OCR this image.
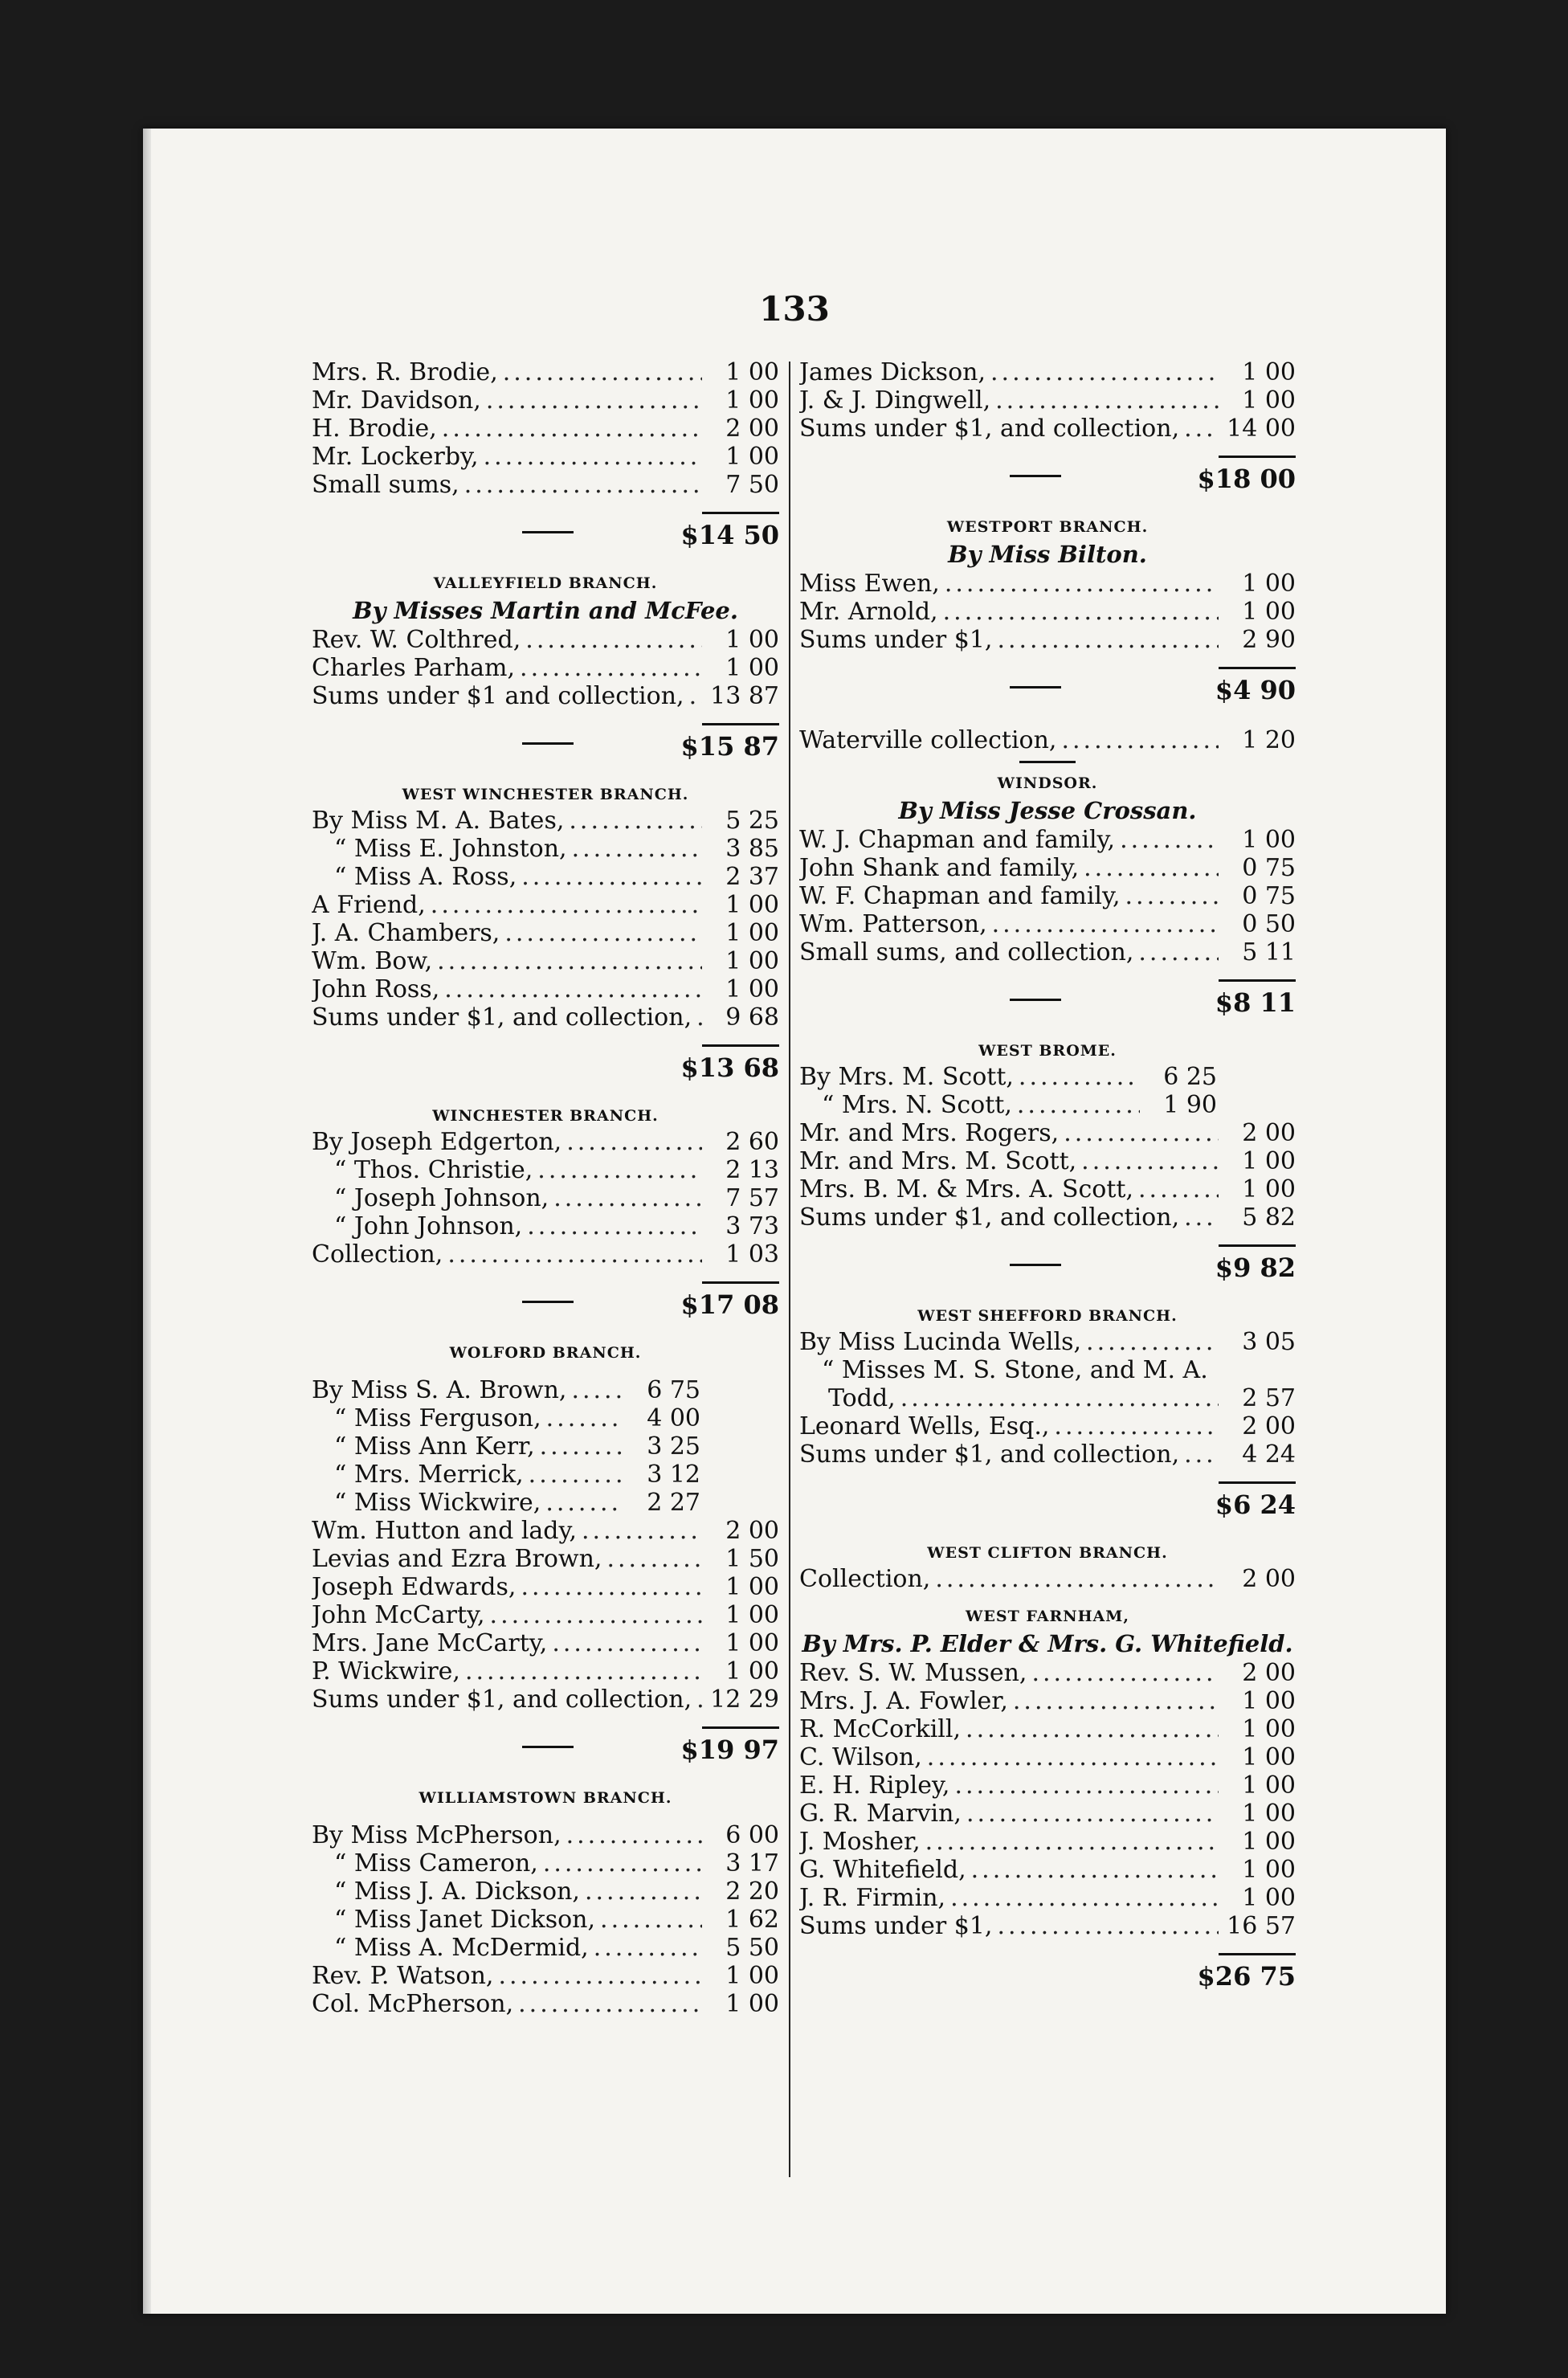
133
Mrs. R. Brodie, .....	1 00
Mr. Davidson, .....	1 00
H. Brodie, .....	2 00
Mr. Lockerby, .....	1 00
Small sums, .....	7 50
$14 50
VALLEYFIELD BRANCH.
By Misses Martin and McFee.
Rev. W. Colthred, .....	1 00
Charles Parham, .....	1 00
Sums under $1 and collection, ..... 13 87
$15 87
WEST WINCHESTER BRANCH.
By Miss M. A. Bates, .....	5 25
“ Miss E. Johnston, .....	3 85
“ Miss A. Ross, .....	2 37
A Friend, .....	1 00
J. A. Chambers, .....	1 00
Wm. Bow, .....	1 00
John Ross, .....	1 00
Sums under $1, and collection, .....	9 68
$13 68
WINCHESTER BRANCH.
By Joseph Edgerton, .....	2 60
“ Thos. Christie, .....	2 13
“ Joseph Johnson, .....	7 57
“ John Johnson, .....	3 73
Collection, .....	1 03
$17 08
WOLFORD BRANCH.
By Miss S. A. Brown, .....	6 75
“ Miss Ferguson, .....	4 00
“ Miss Ann Kerr, .....	3 25
“ Mrs. Merrick, .....	3 12
“ Miss Wickwire, .....	2 27
Wm. Hutton and lady, .....	2 00
Levias and Ezra Brown, .....	1 50
Joseph Edwards, .....	1 00
John McCarty, .....	1 00
Mrs. Jane McCarty, .....	1 00
P. Wickwire, .....	1 00
Sums under $1, and collection, ..... 12 29
$19 97
WILLIAMSTOWN BRANCH.
By Miss McPherson, .....	6 00
“ Miss Cameron, .....	3 17
“ Miss J. A. Dickson, .....	2 20
“ Miss Janet Dickson, .....	1 62
“ Miss A. McDermid, .....	5 50
Rev. P. Watson, .....	1 00
Col. McPherson, .....	1 00
James Dickson, .....	1 00
J. & J. Dingwell, .....	1 00
Sums under $1, and collection, ..... 14 00
$18 00
WESTPORT BRANCH.
By Miss Bilton.
Miss Ewen, .....	1 00
Mr. Arnold, .....	1 00
Sums under $1, .....	2 90
$4 90
Waterville collection, .....	1 20
WINDSOR.
By Miss Jesse Crossan.
W. J. Chapman and family, .....	1 00
John Shank and family, .....	0 75
W. F. Chapman and family, .....	0 75
Wm. Patterson, .....	0 50
Small sums, and collection, .....	5 11
$8 11
WEST BROME.
By Mrs. M. Scott, .....	6 25
“ Mrs. N. Scott, .....	1 90
Mr. and Mrs. Rogers, .....	2 00
Mr. and Mrs. M. Scott, .....	1 00
Mrs. B. M. & Mrs. A. Scott, .....	1 00
Sums under $1, and collection, .....	5 82
$9 82
WEST SHEFFORD BRANCH.
By Miss Lucinda Wells, .....	3 05
“ Misses M. S. Stone, and M. A.
Todd, .....	2 57
Leonard Wells, Esq., .....	2 00
Sums under $1, and collection, .....	4 24
$6 24
WEST CLIFTON BRANCH.
Collection, .....	2 00
WEST FARNHAM,
By Mrs. P. Elder & Mrs. G. Whitefield.
Rev. S. W. Mussen, .....	2 00
Mrs. J. A. Fowler, .....	1 00
R. McCorkill, .....	1 00
C. Wilson, .....	1 00
E. H. Ripley, .....	1 00
G. R. Marvin, .....	1 00
J. Mosher, .....	1 00
G. Whitefield, .....	1 00
J. R. Firmin, .....	1 00
Sums under $1, .....	16 57
$26 75
